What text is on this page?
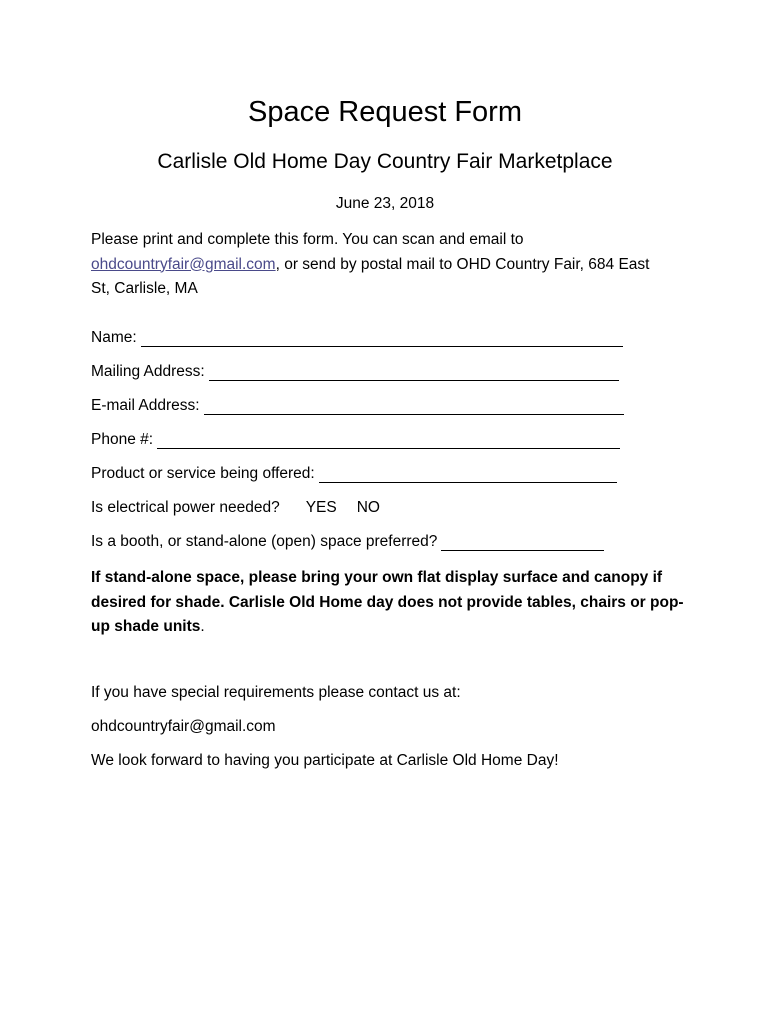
Space Request Form
Carlisle Old Home Day Country Fair Marketplace
June 23, 2018
Please print and complete this form. You can scan and email to
ohdcountryfair@gmail.com, or send by postal mail to OHD Country Fair, 684 East
St, Carlisle, MA
Name:
Mailing Address:
E-mail Address:
Phone #:
Product or service being offered:
Is electrical power needed? YES NO
Is a booth, or stand-alone (open) space preferred?
If stand-alone space, please bring your own flat display surface and canopy if
desired for shade. Carlisle Old Home day does not provide tables, chairs or pop-
up shade units.
If you have special requirements please contact us at:
ohdcountryfair@gmail.com
We look forward to having you participate at Carlisle Old Home Day!
